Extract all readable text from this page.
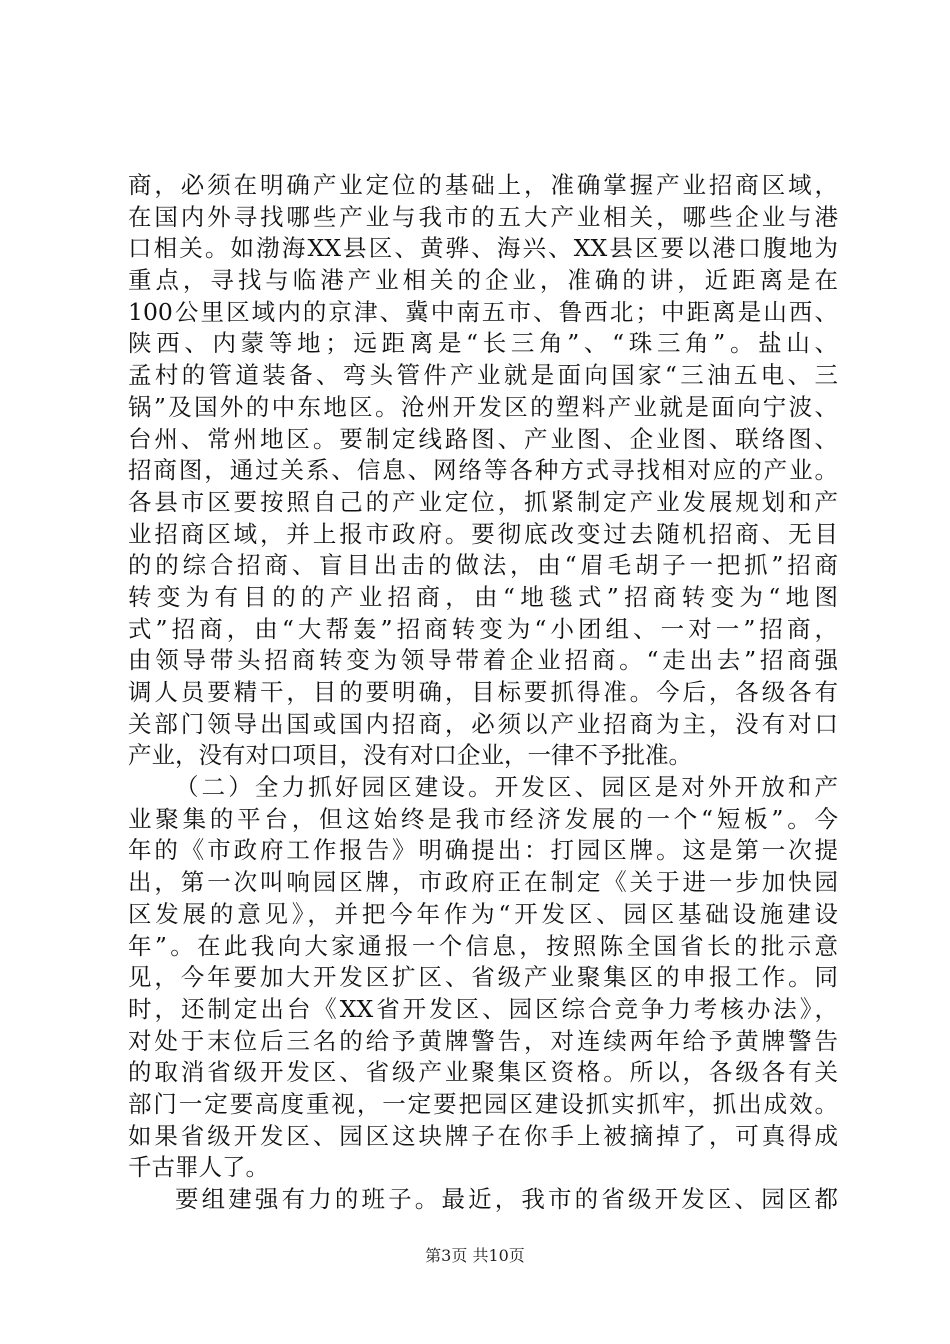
商，必须在明确产业定位的基础上，准确掌握产业招商区域，
在国内外寻找哪些产业与我市的五大产业相关，哪些企业与港
口相关。如渤海XX县区、黄骅、海兴、XX县区要以港口腹地为
重点，寻找与临港产业相关的企业，准确的讲，近距离是在
100公里区域内的京津、冀中南五市、鲁西北；中距离是山西、
陕西、内蒙等地；远距离是“长三角”、“珠三角”。盐山、
孟村的管道装备、弯头管件产业就是面向国家“三油五电、三
锅”及国外的中东地区。沧州开发区的塑料产业就是面向宁波、
台州、常州地区。要制定线路图、产业图、企业图、联络图、
招商图，通过关系、信息、网络等各种方式寻找相对应的产业。
各县市区要按照自己的产业定位，抓紧制定产业发展规划和产
业招商区域，并上报市政府。要彻底改变过去随机招商、无目
的的综合招商、盲目出击的做法，由“眉毛胡子一把抓”招商
转变为有目的的产业招商，由“地毯式”招商转变为“地图
式”招商，由“大帮轰”招商转变为“小团组、一对一”招商，
由领导带头招商转变为领导带着企业招商。“走出去”招商强
调人员要精干，目的要明确，目标要抓得准。今后，各级各有
关部门领导出国或国内招商，必须以产业招商为主，没有对口
产业，没有对口项目，没有对口企业，一律不予批准。
（二）全力抓好园区建设。开发区、园区是对外开放和产
业聚集的平台，但这始终是我市经济发展的一个“短板”。今
年的《市政府工作报告》明确提出：打园区牌。这是第一次提
出，第一次叫响园区牌，市政府正在制定《关于进一步加快园
区发展的意见》，并把今年作为“开发区、园区基础设施建设
年”。在此我向大家通报一个信息，按照陈全国省长的批示意
见，今年要加大开发区扩区、省级产业聚集区的申报工作。同
时，还制定出台《XX省开发区、园区综合竞争力考核办法》，
对处于末位后三名的给予黄牌警告，对连续两年给予黄牌警告
的取消省级开发区、省级产业聚集区资格。所以，各级各有关
部门一定要高度重视，一定要把园区建设抓实抓牢，抓出成效。
如果省级开发区、园区这块牌子在你手上被摘掉了，可真得成
千古罪人了。
要组建强有力的班子。最近，我市的省级开发区、园区都
第3页 共10页
